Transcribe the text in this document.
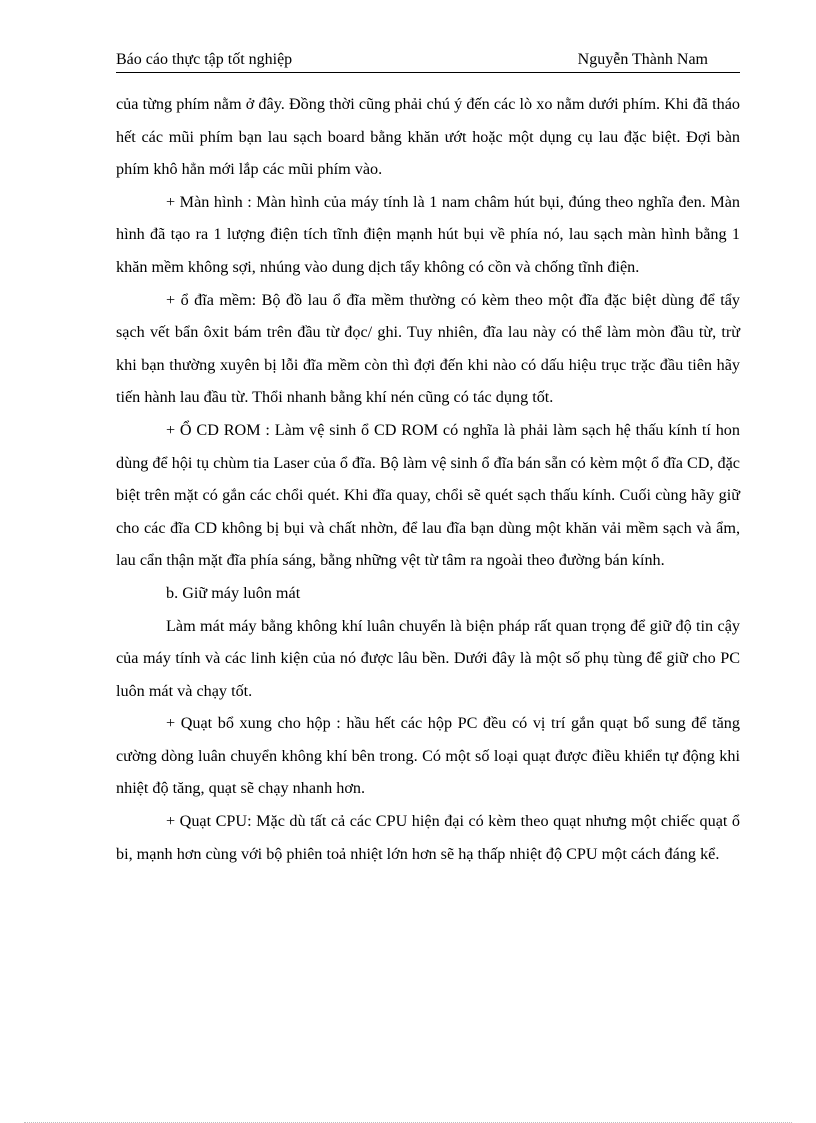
Báo cáo thực tập tốt nghiệp	Nguyễn Thành Nam

của từng phím nằm ở đây. Đồng thời cũng phải chú ý đến các lò xo nằm dưới phím. Khi đã tháo hết các mũi phím bạn lau sạch board bằng khăn ướt hoặc một dụng cụ lau đặc biệt. Đợi bàn phím khô hẳn mới lắp các mũi phím vào.

+ Màn hình : Màn hình của máy tính là 1 nam châm hút bụi, đúng theo nghĩa đen. Màn hình đã tạo ra 1 lượng điện tích tĩnh điện mạnh hút bụi về phía nó, lau sạch màn hình bằng 1 khăn mềm không sợi, nhúng vào dung dịch tẩy không có cồn và chống tĩnh điện.

+ ổ đĩa mềm: Bộ đồ lau ổ đĩa mềm thường có kèm theo một đĩa đặc biệt dùng để tẩy sạch vết bẩn ôxit bám trên đầu từ đọc/ ghi. Tuy nhiên, đĩa lau này có thể làm mòn đầu từ, trừ khi bạn thường xuyên bị lỗi đĩa mềm còn thì đợi đến khi nào có dấu hiệu trục trặc đầu tiên hãy tiến hành lau đầu từ. Thổi nhanh bằng khí nén cũng có tác dụng tốt.

+ Ổ CD ROM : Làm vệ sinh ổ CD ROM có nghĩa là phải làm sạch hệ thấu kính tí hon dùng để hội tụ chùm tia Laser của ổ đĩa. Bộ làm vệ sinh ổ đĩa bán sẵn có kèm một ổ đĩa CD, đặc biệt trên mặt có gắn các chổi quét. Khi đĩa quay, chổi sẽ quét sạch thấu kính. Cuối cùng hãy giữ cho các đĩa CD không bị bụi và chất nhờn, để lau đĩa bạn dùng một khăn vải mềm sạch và ẩm, lau cẩn thận mặt đĩa phía sáng, bằng những vệt từ tâm ra ngoài theo đường bán kính.

b. Giữ máy luôn mát

Làm mát máy bằng không khí luân chuyển là biện pháp rất quan trọng để giữ độ tin cậy của máy tính và các linh kiện của nó được lâu bền. Dưới đây là một số phụ tùng để giữ cho PC luôn mát và chạy tốt.

+ Quạt bổ xung cho hộp : hầu hết các hộp PC đều có vị trí gắn quạt bổ sung để tăng cường dòng luân chuyển không khí bên trong. Có một số loại quạt được điều khiển tự động khi nhiệt độ tăng, quạt sẽ chạy nhanh hơn.

+ Quạt CPU: Mặc dù tất cả các CPU hiện đại có kèm theo quạt nhưng một chiếc quạt ổ bi, mạnh hơn cùng với bộ phiên toả nhiệt lớn hơn sẽ hạ thấp nhiệt độ CPU một cách đáng kể.
